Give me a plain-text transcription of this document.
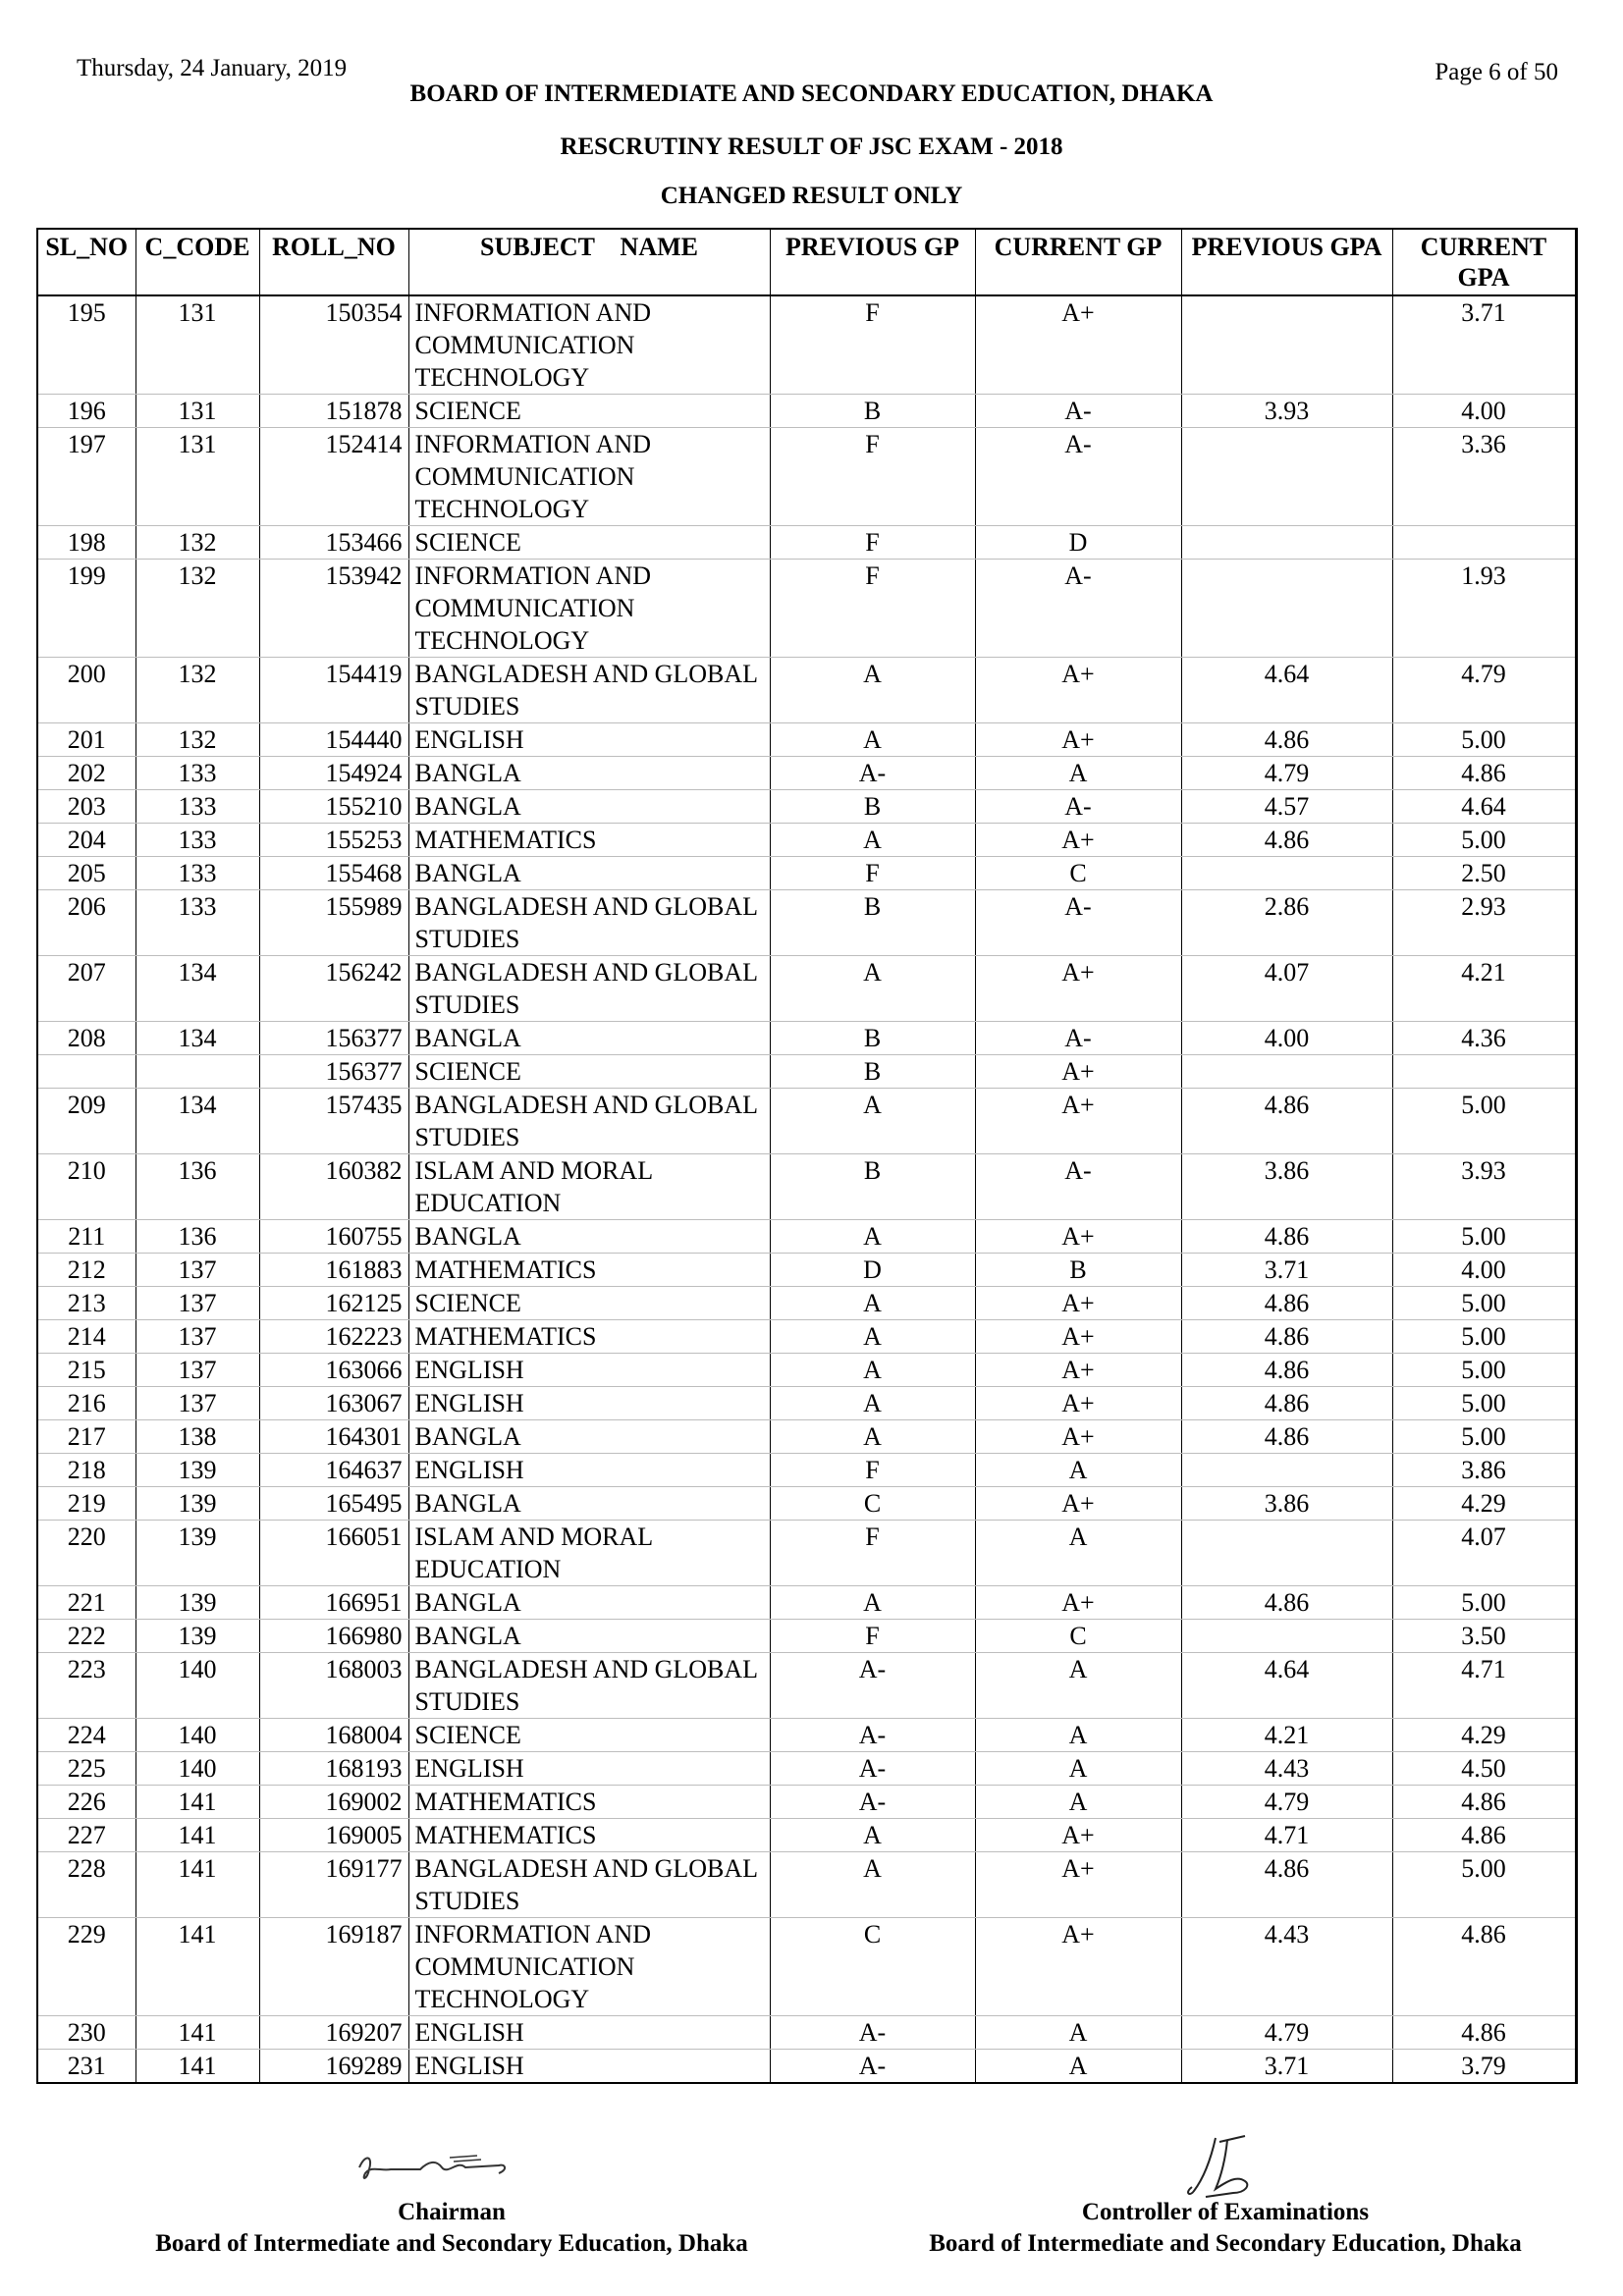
Thursday, 24 January, 2019	Page 6 of 50
BOARD OF INTERMEDIATE AND SECONDARY EDUCATION, DHAKA
RESCRUTINY RESULT OF JSC EXAM - 2018
CHANGED RESULT ONLY
SL_NO	C_CODE	ROLL_NO	SUBJECT    NAME	PREVIOUS GP	CURRENT GP	PREVIOUS GPA	CURRENT GPA
195	131	150354	INFORMATION AND COMMUNICATION TECHNOLOGY	F	A+		3.71
196	131	151878	SCIENCE	B	A-	3.93	4.00
197	131	152414	INFORMATION AND COMMUNICATION TECHNOLOGY	F	A-		3.36
198	132	153466	SCIENCE	F	D		
199	132	153942	INFORMATION AND COMMUNICATION TECHNOLOGY	F	A-		1.93
200	132	154419	BANGLADESH AND GLOBAL STUDIES	A	A+	4.64	4.79
201	132	154440	ENGLISH	A	A+	4.86	5.00
202	133	154924	BANGLA	A-	A	4.79	4.86
203	133	155210	BANGLA	B	A-	4.57	4.64
204	133	155253	MATHEMATICS	A	A+	4.86	5.00
205	133	155468	BANGLA	F	C		2.50
206	133	155989	BANGLADESH AND GLOBAL STUDIES	B	A-	2.86	2.93
207	134	156242	BANGLADESH AND GLOBAL STUDIES	A	A+	4.07	4.21
208	134	156377	BANGLA	B	A-	4.00	4.36
		156377	SCIENCE	B	A+		
209	134	157435	BANGLADESH AND GLOBAL STUDIES	A	A+	4.86	5.00
210	136	160382	ISLAM AND MORAL EDUCATION	B	A-	3.86	3.93
211	136	160755	BANGLA	A	A+	4.86	5.00
212	137	161883	MATHEMATICS	D	B	3.71	4.00
213	137	162125	SCIENCE	A	A+	4.86	5.00
214	137	162223	MATHEMATICS	A	A+	4.86	5.00
215	137	163066	ENGLISH	A	A+	4.86	5.00
216	137	163067	ENGLISH	A	A+	4.86	5.00
217	138	164301	BANGLA	A	A+	4.86	5.00
218	139	164637	ENGLISH	F	A		3.86
219	139	165495	BANGLA	C	A+	3.86	4.29
220	139	166051	ISLAM AND MORAL EDUCATION	F	A		4.07
221	139	166951	BANGLA	A	A+	4.86	5.00
222	139	166980	BANGLA	F	C		3.50
223	140	168003	BANGLADESH AND GLOBAL STUDIES	A-	A	4.64	4.71
224	140	168004	SCIENCE	A-	A	4.21	4.29
225	140	168193	ENGLISH	A-	A	4.43	4.50
226	141	169002	MATHEMATICS	A-	A	4.79	4.86
227	141	169005	MATHEMATICS	A	A+	4.71	4.86
228	141	169177	BANGLADESH AND GLOBAL STUDIES	A	A+	4.86	5.00
229	141	169187	INFORMATION AND COMMUNICATION TECHNOLOGY	C	A+	4.43	4.86
230	141	169207	ENGLISH	A-	A	4.79	4.86
231	141	169289	ENGLISH	A-	A	3.71	3.79
Chairman
Board of Intermediate and Secondary Education, Dhaka
Controller of Examinations
Board of Intermediate and Secondary Education, Dhaka
